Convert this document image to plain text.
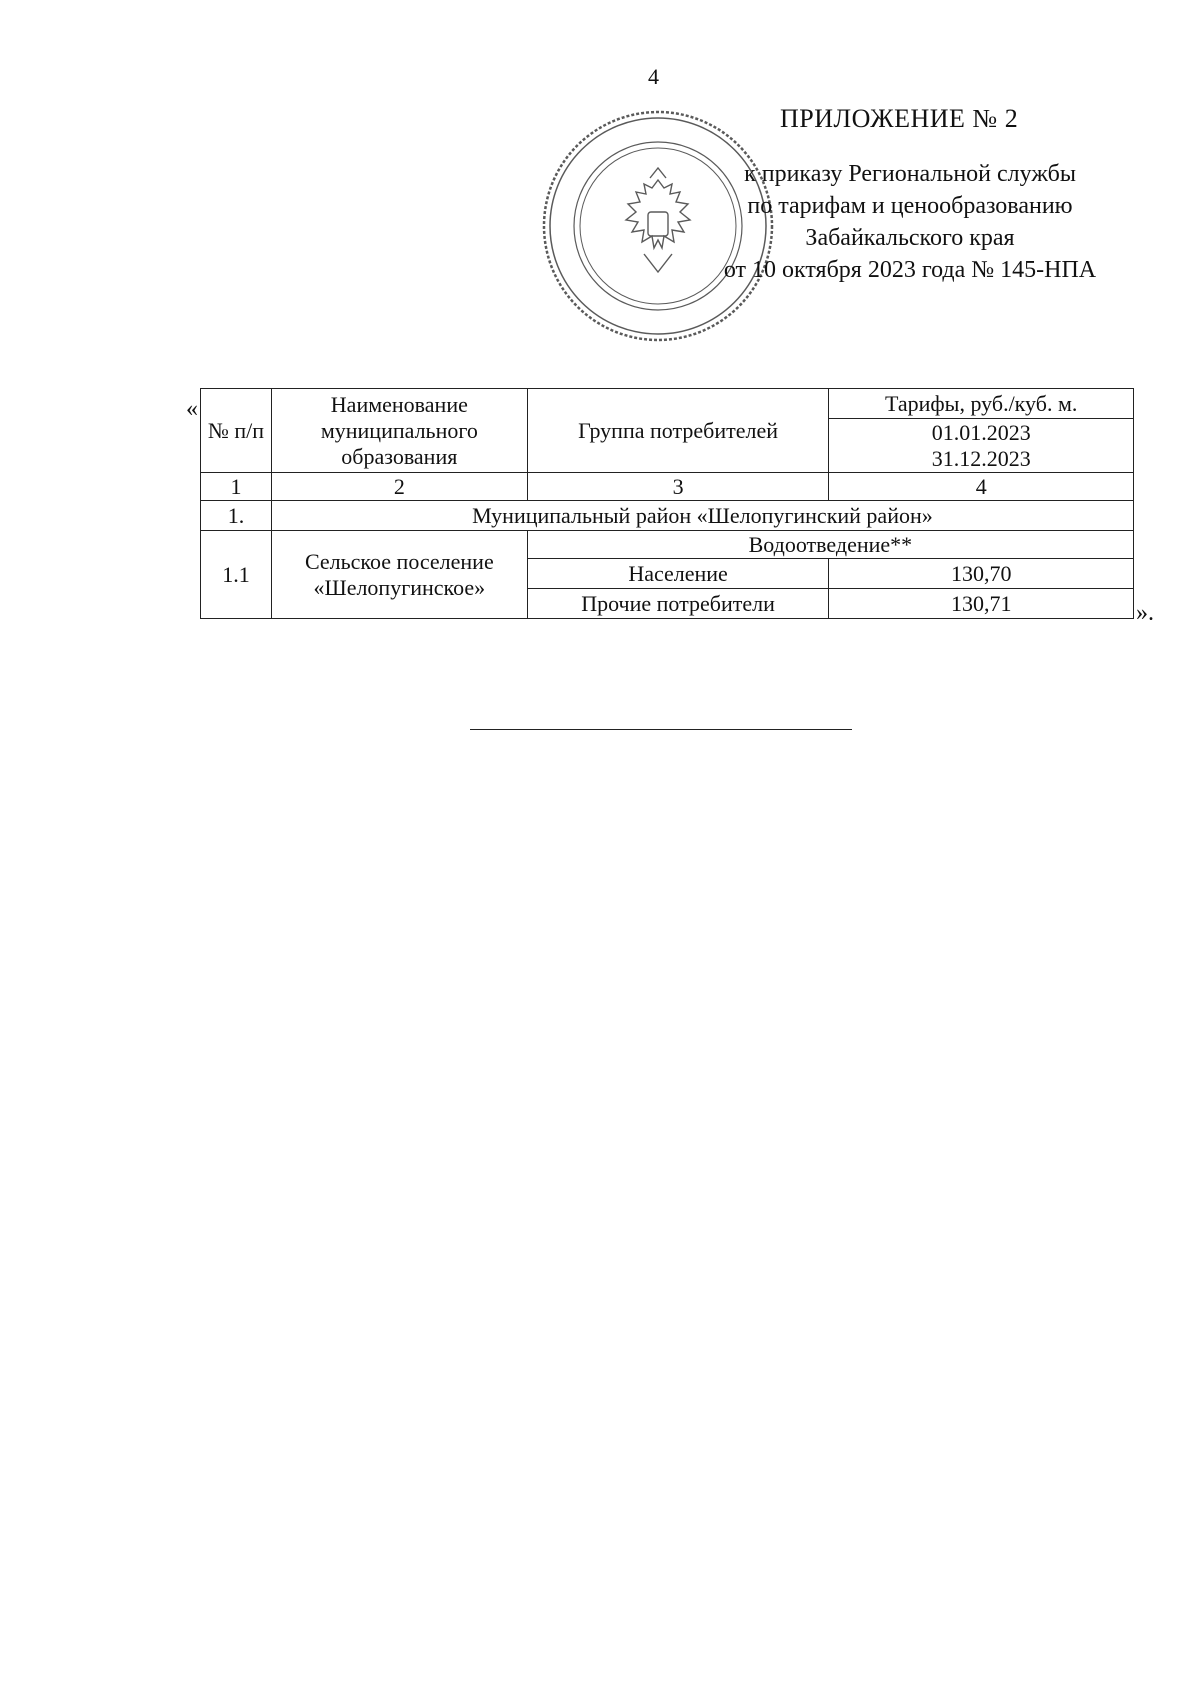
4
ПРИЛОЖЕНИЕ № 2
к приказу Региональной службы
по тарифам и ценообразованию
Забайкальского края
от 10 октября 2023 года № 145-НПА
«
№ п/п	Наименование муниципального образования	Группа потребителей	Тарифы, руб./куб. м.

			01.01.2023
31.12.2023

1	2	3	4
1.	Муниципальный район «Шелопугинский район»		
1.1	Сельское поселение «Шелопугинское»	Водоотведение**	
		Население	130,70
		Прочие потребители	130,71	».
